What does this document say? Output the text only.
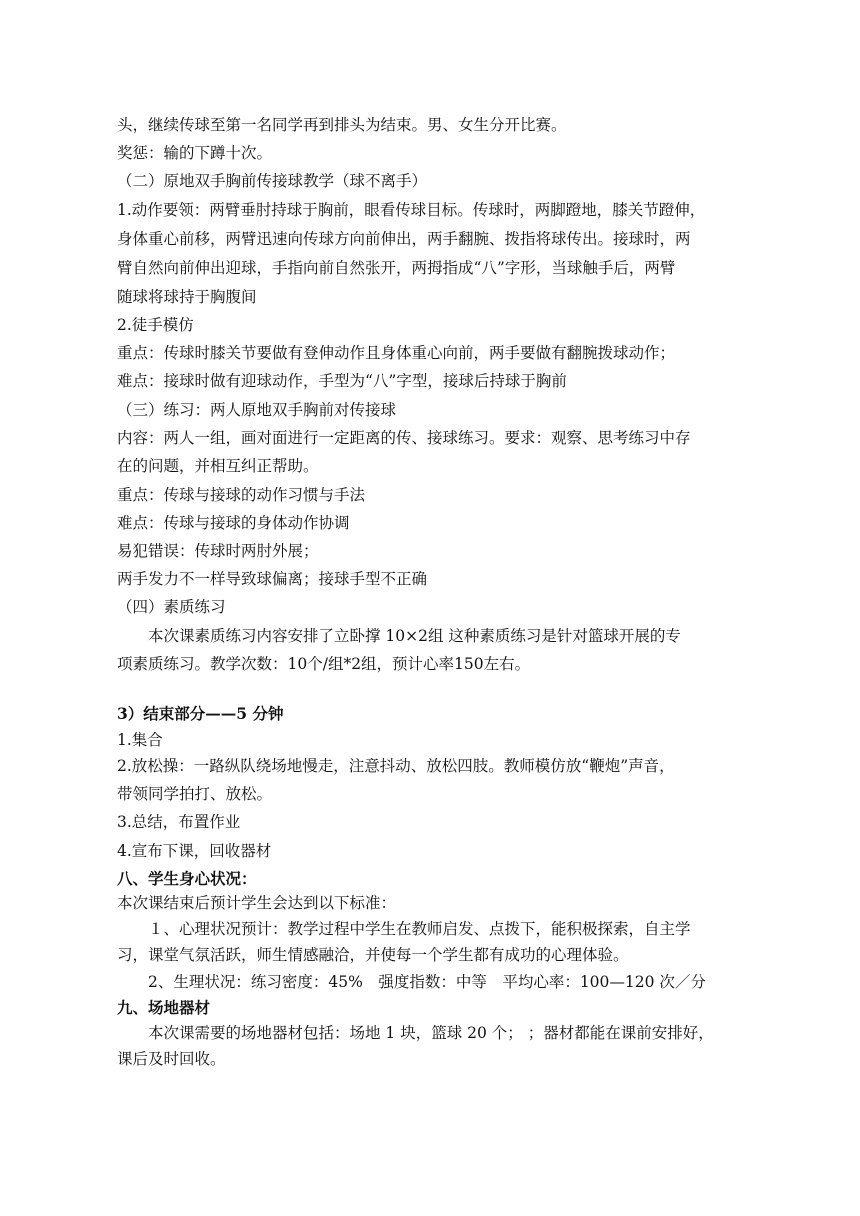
头，继续传球至第一名同学再到排头为结束。男、女生分开比赛。
奖惩：输的下蹲十次。
（二）原地双手胸前传接球教学（球不离手）
1.动作要领：两臂垂肘持球于胸前，眼看传球目标。传球时，两脚蹬地，膝关节蹬伸，
身体重心前移，两臂迅速向传球方向前伸出，两手翻腕、拨指将球传出。接球时，两
臂自然向前伸出迎球，手指向前自然张开，两拇指成“八”字形，当球触手后，两臂
随球将球持于胸腹间
2.徒手模仿
重点：传球时膝关节要做有登伸动作且身体重心向前，两手要做有翻腕拨球动作；
难点：接球时做有迎球动作，手型为“八”字型，接球后持球于胸前
（三）练习：两人原地双手胸前对传接球
内容：两人一组，画对面进行一定距离的传、接球练习。要求：观察、思考练习中存
在的问题，并相互纠正帮助。
重点：传球与接球的动作习惯与手法
难点：传球与接球的身体动作协调
易犯错误：传球时两肘外展；
两手发力不一样导致球偏离；接球手型不正确
（四）素质练习
本次课素质练习内容安排了立卧撑 10×2组 这种素质练习是针对篮球开展的专
项素质练习。教学次数：10个/组*2组，预计心率150左右。
3）结束部分——5 分钟
1.集合
2.放松操：一路纵队绕场地慢走，注意抖动、放松四肢。教师模仿放“鞭炮”声音，
带领同学拍打、放松。
3.总结，布置作业
4.宣布下课，回收器材
八、学生身心状况：
本次课结束后预计学生会达到以下标准：
１、心理状况预计：教学过程中学生在教师启发、点拨下，能积极探索，自主学
习，课堂气氛活跃，师生情感融洽，并使每一个学生都有成功的心理体验。
2、生理状况：练习密度：45%　强度指数：中等　平均心率：100—120 次／分
九、场地器材
本次课需要的场地器材包括：场地 1 块，篮球 20 个； ；器材都能在课前安排好，
课后及时回收。
